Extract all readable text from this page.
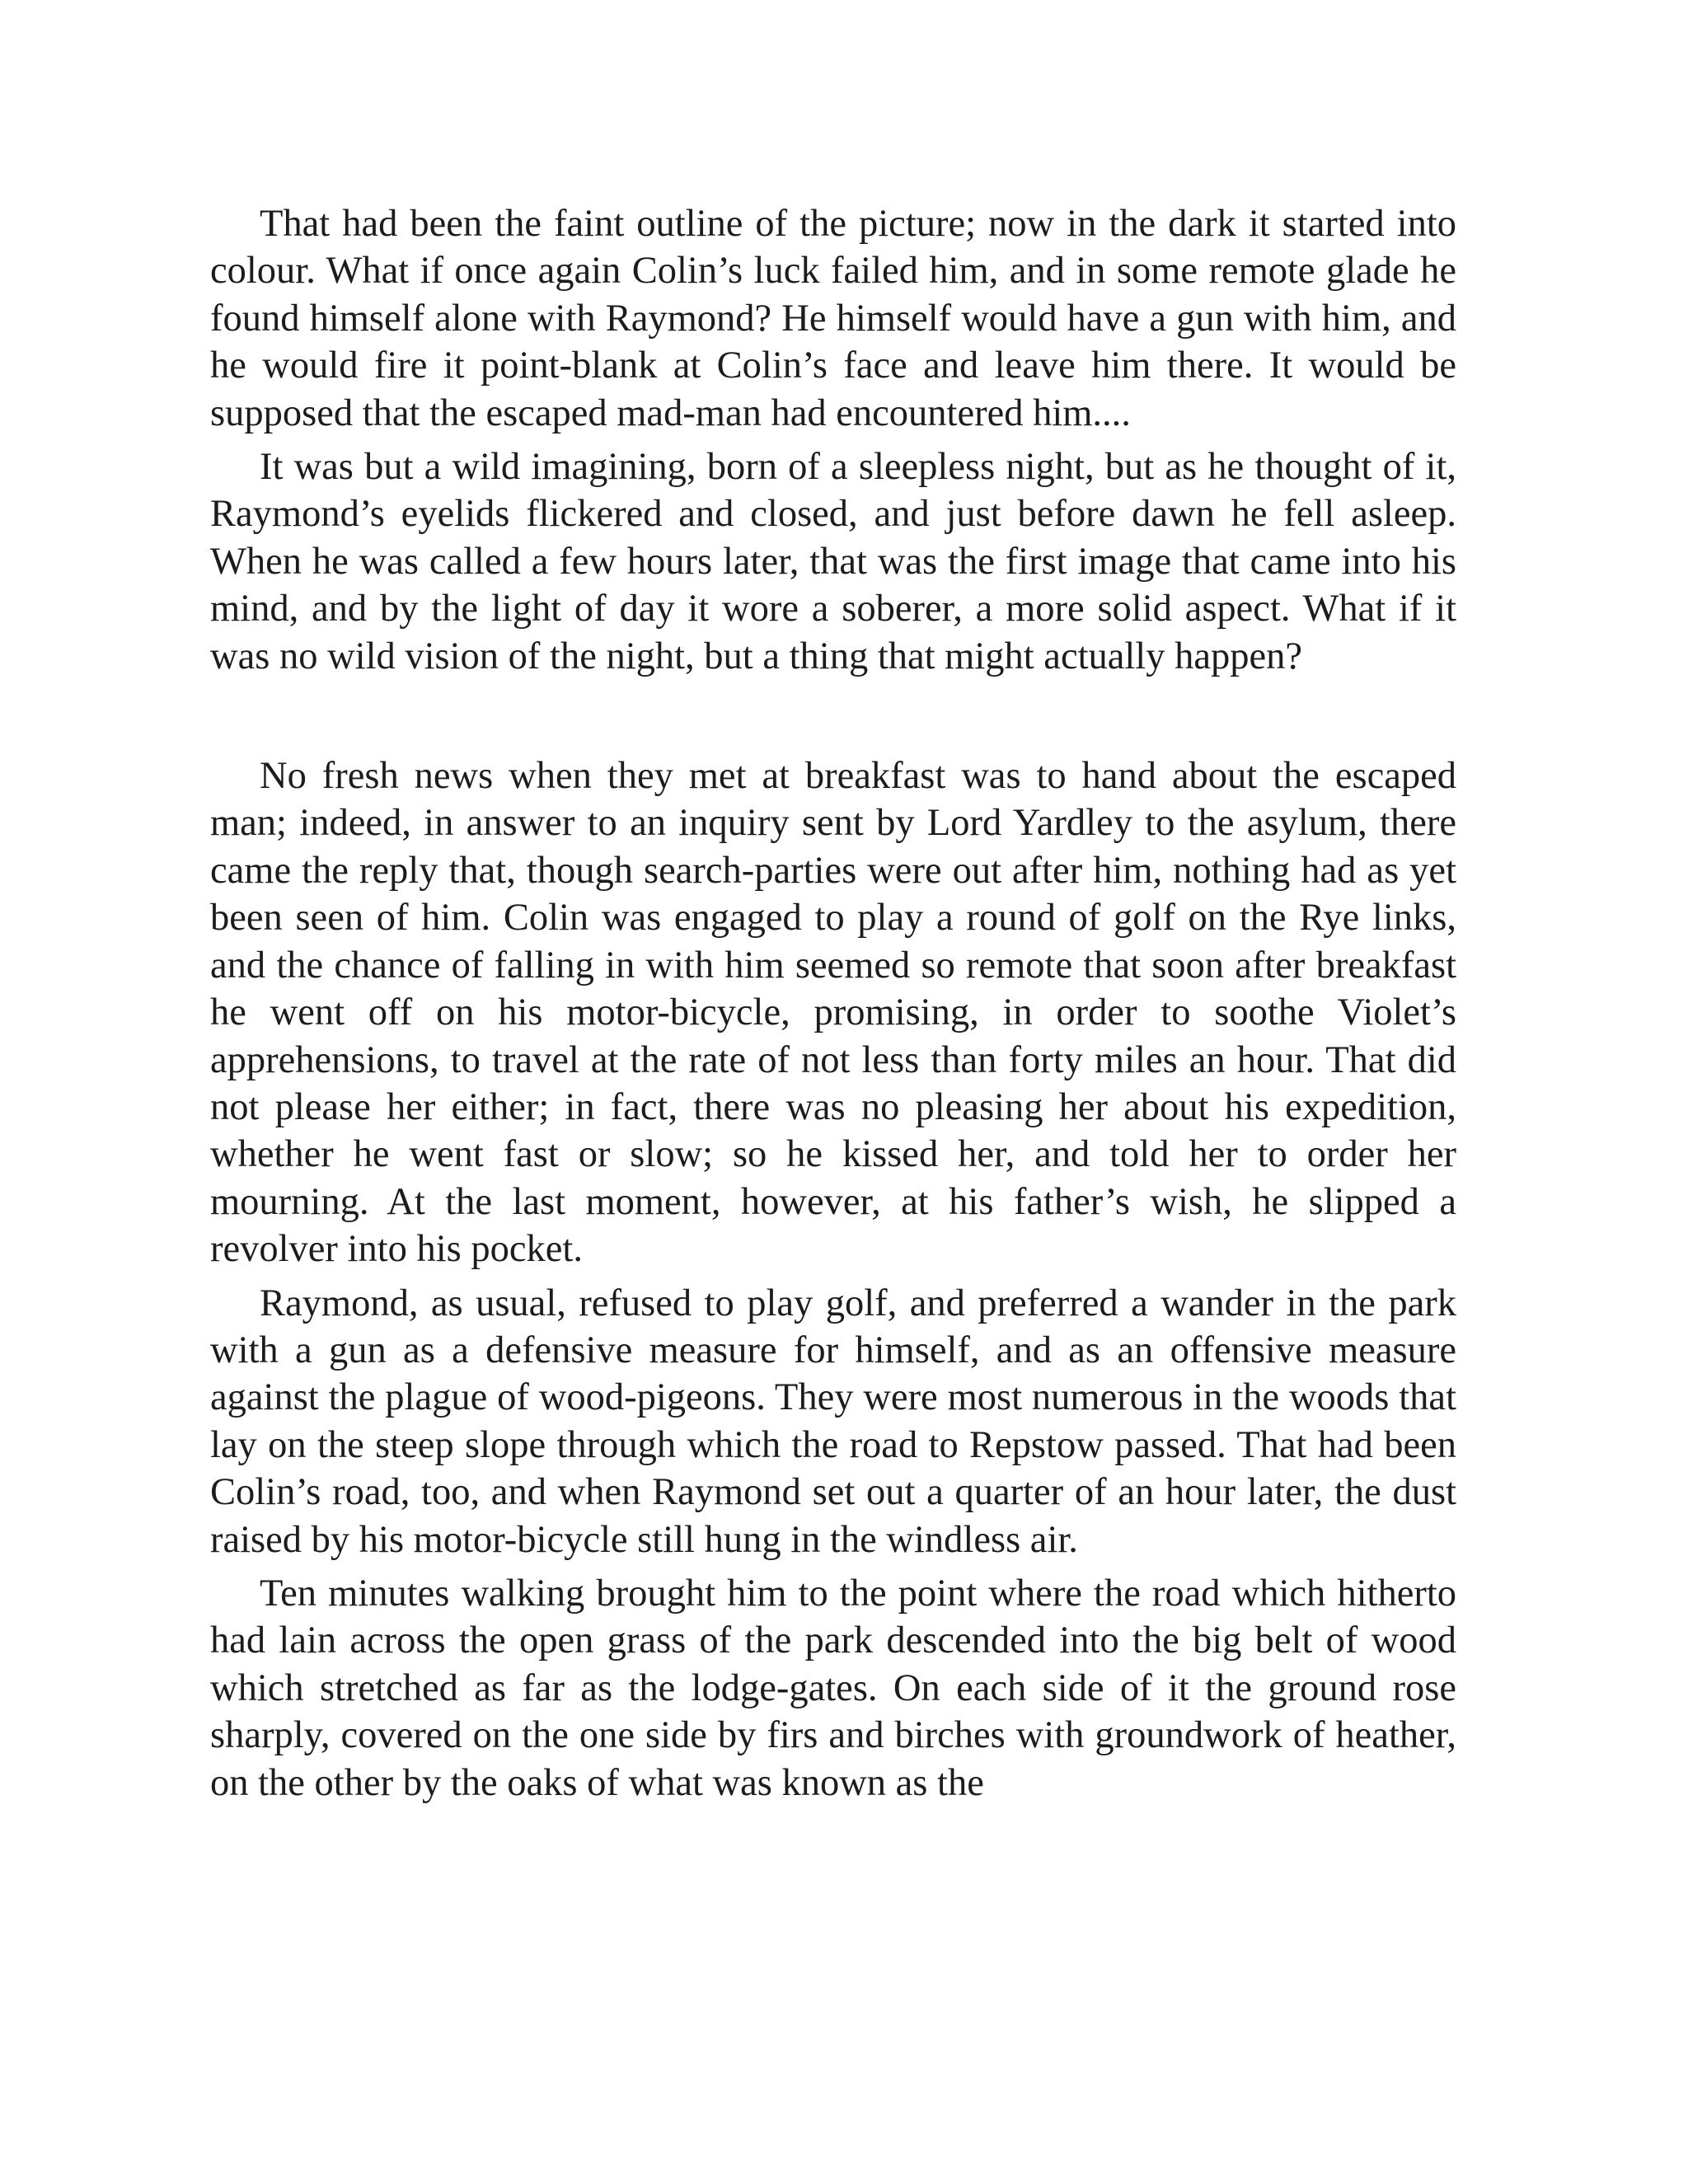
That had been the faint outline of the picture; now in the dark it started into colour. What if once again Colin’s luck failed him, and in some remote glade he found himself alone with Raymond? He himself would have a gun with him, and he would fire it point-blank at Colin’s face and leave him there. It would be supposed that the escaped mad-man had encountered him....

It was but a wild imagining, born of a sleepless night, but as he thought of it, Raymond’s eyelids flickered and closed, and just before dawn he fell asleep. When he was called a few hours later, that was the first image that came into his mind, and by the light of day it wore a soberer, a more solid aspect. What if it was no wild vision of the night, but a thing that might actually happen?

No fresh news when they met at breakfast was to hand about the escaped man; indeed, in answer to an inquiry sent by Lord Yardley to the asylum, there came the reply that, though search-parties were out after him, nothing had as yet been seen of him. Colin was engaged to play a round of golf on the Rye links, and the chance of falling in with him seemed so remote that soon after breakfast he went off on his motor-bicycle, promising, in order to soothe Violet’s apprehensions, to travel at the rate of not less than forty miles an hour. That did not please her either; in fact, there was no pleasing her about his expedition, whether he went fast or slow; so he kissed her, and told her to order her mourning. At the last moment, however, at his father’s wish, he slipped a revolver into his pocket.

Raymond, as usual, refused to play golf, and preferred a wander in the park with a gun as a defensive measure for himself, and as an offensive measure against the plague of wood-pigeons. They were most numerous in the woods that lay on the steep slope through which the road to Repstow passed. That had been Colin’s road, too, and when Raymond set out a quarter of an hour later, the dust raised by his motor-bicycle still hung in the windless air.

Ten minutes walking brought him to the point where the road which hitherto had lain across the open grass of the park descended into the big belt of wood which stretched as far as the lodge-gates. On each side of it the ground rose sharply, covered on the one side by firs and birches with groundwork of heather, on the other by the oaks of what was known as the
